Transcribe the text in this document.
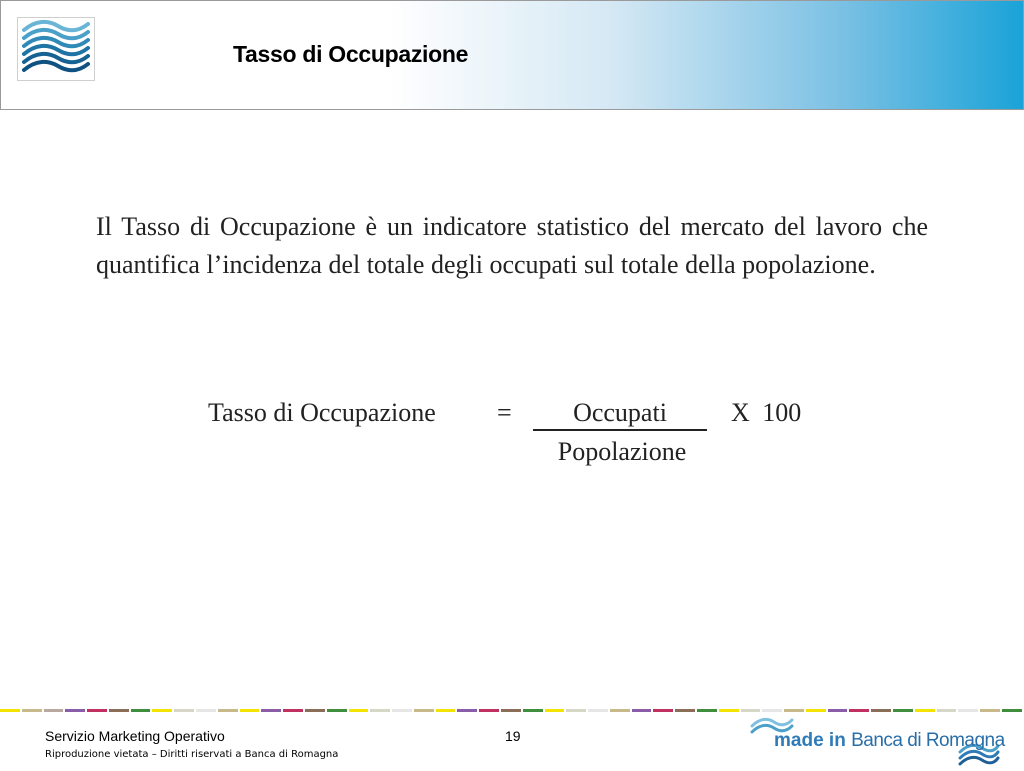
Tasso di Occupazione
Il Tasso di Occupazione è un indicatore statistico del mercato del lavoro che quantifica l’incidenza del totale degli occupati sul totale della popolazione.
Tasso di Occupazione =	Occupati	X 100
Popolazione
Servizio Marketing Operativo	19
Riproduzione vietata – Diritti riservati a Banca di Romagna
made in Banca di Romagna
